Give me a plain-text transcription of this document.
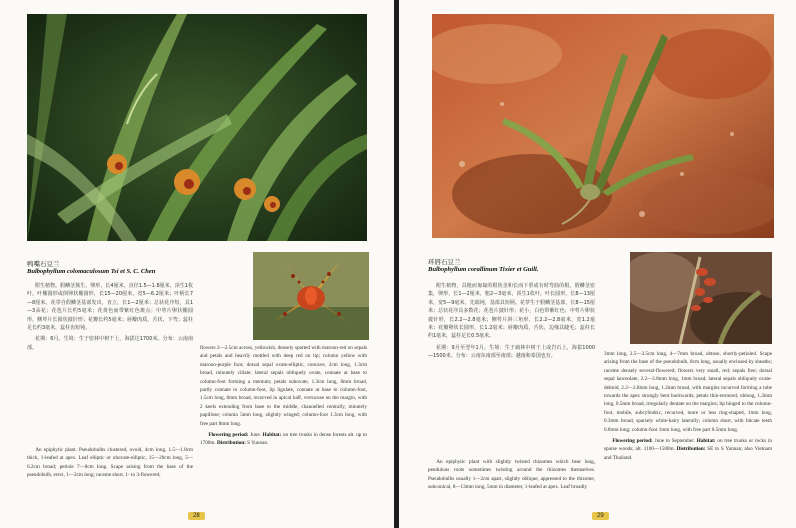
鸭嘴石豆兰
Bulbophyllum colomaculosum Tsi et S. C. Chen

附生植物。假鳞茎簇生，卵形，长4厘米，直径1.5—1.8厘米，顶生1枚叶。叶椭圆形或倒卵状椭圆形，长15—20厘米，宽5—6.2厘米；叶柄长7—8厘米。花葶自假鳞茎基部发出，直立，长1—2厘米；总状花序短，具1—3朵花；花苞片长约5毫米；花黄色而带紫红色斑点；中萼片卵状椭圆形，侧萼片长圆状披针形；花瓣长约5毫米；唇瓣肉质，舌状，下弯；蕊柱足长约3毫米，蕊柱齿短钝。

花期：6月。生境：生于密林中树干上，海拔达1700米。分布：云南南部。

An epiphytic plant. Pseudobulbs clustered, ovoid, 4cm long, 1.5—1.8cm thick, 1-leafed at apex. Leaf elliptic or obovate-elliptic, 15—20cm long, 5—6.2cm broad; petiole 7—8cm long. Scape arising from the base of the pseudobulb, erect, 1—2cm long; raceme short, 1- to 3-flowered;

flowers 2—2.5cm across, yellowish, densely spotted with maroon-red on sepals and petals and heavily mottled with deep red on lip; column yellow with maroon-purple foot; dorsal sepal ovate-elliptic, concave, 2cm long, 1.3cm broad, minutely ciliate; lateral sepals obliquely ovate, connate at base to column-foot forming a mentum; petals subovate, 1.3cm long, 8mm broad, partly connate to column-foot, lip ligulate, connate at base to column-foot, 1.5cm long, 8mm broad, recurved in apical half, verrucose on the margin, with 2 keels extending from base to the middle, channelled centrally, minutely papillose; column 5mm long, slightly winged; column-foot 1.3cm long, with free part 8mm long.

Flowering period: June. Habitat: on tree trunks in dense forests alt. up to 1700m. Distribution: S Yunnan.

28
环唇石豆兰
Bulbophyllum corallinum Tixier et Guill.

附生植物，具粗而匍匐的根状茎和长而下垂或有时弯曲的根。假鳞茎密集，卵形，长1—2厘米，粗2—3毫米，顶生1枚叶。叶长圆形，长8—13厘米，宽5—9毫米，先端钝，基部具短柄。花葶生于假鳞茎基部，长8—15厘米；总状花序具多数花；花苞片披针形；花小，白色带紫红色；中萼片卵状披针形，长2.2—2.8毫米；侧萼片斜三角形，长2.2—2.8毫米，宽1.2毫米；花瓣卵状长圆形，长1.2毫米；唇瓣肉质，舌状，边缘具睫毛；蕊柱长约1毫米，蕊柱足长0.5毫米。

花期：9月至翌年1月。生境：生于疏林中树干上或岩石上，海拔1000—1500米。分布：云南东南部至南部；越南和泰国也有。

An epiphytic plant with slightly twisted rhizomes which bear long, pendulous roots sometimes twisting around the rhizomes themselves. Pseudobulbs usually 1—2cm apart, slightly oblique, appressed to the rhizome, subconical, 8—13mm long, 5mm in diameter, 1-leafed at apex. Leaf broadly

3mm long, 2.5—3.5cm long, 4—7mm broad, obtuse, shortly-petioled. Scape arising from the base of the pseudobulb, 8cm long, usually enclosed by sheaths; raceme densely several-flowered; flowers very small, red; sepals free; dorsal sepal lanceolate, 2.2—2.8mm long, 1mm broad; lateral sepals obliquely ovate-deltoid, 2.2—2.8mm long, 1.2mm broad, with margins incurved forming a tube towards the apex strongly bent backwards; petals thin-textured, oblong, 1.2mm long, 0.5mm broad, irregularly dentate on the margins; lip hinged to the column-foot, mobile, subcylindric, recurved, more or less ring-shaped, 1mm long, 0.3mm broad, sparsely white-hairy laterally; column short, with falcate teeth 0.8mm long; column-foot 1mm long, with free part 0.5mm long.

Flowering period: June to September. Habitat: on tree trunks or rocks in sparse woods; alt. 1100—1500m. Distribution: SE to S Yunnan; also Vietnam and Thailand.

29
